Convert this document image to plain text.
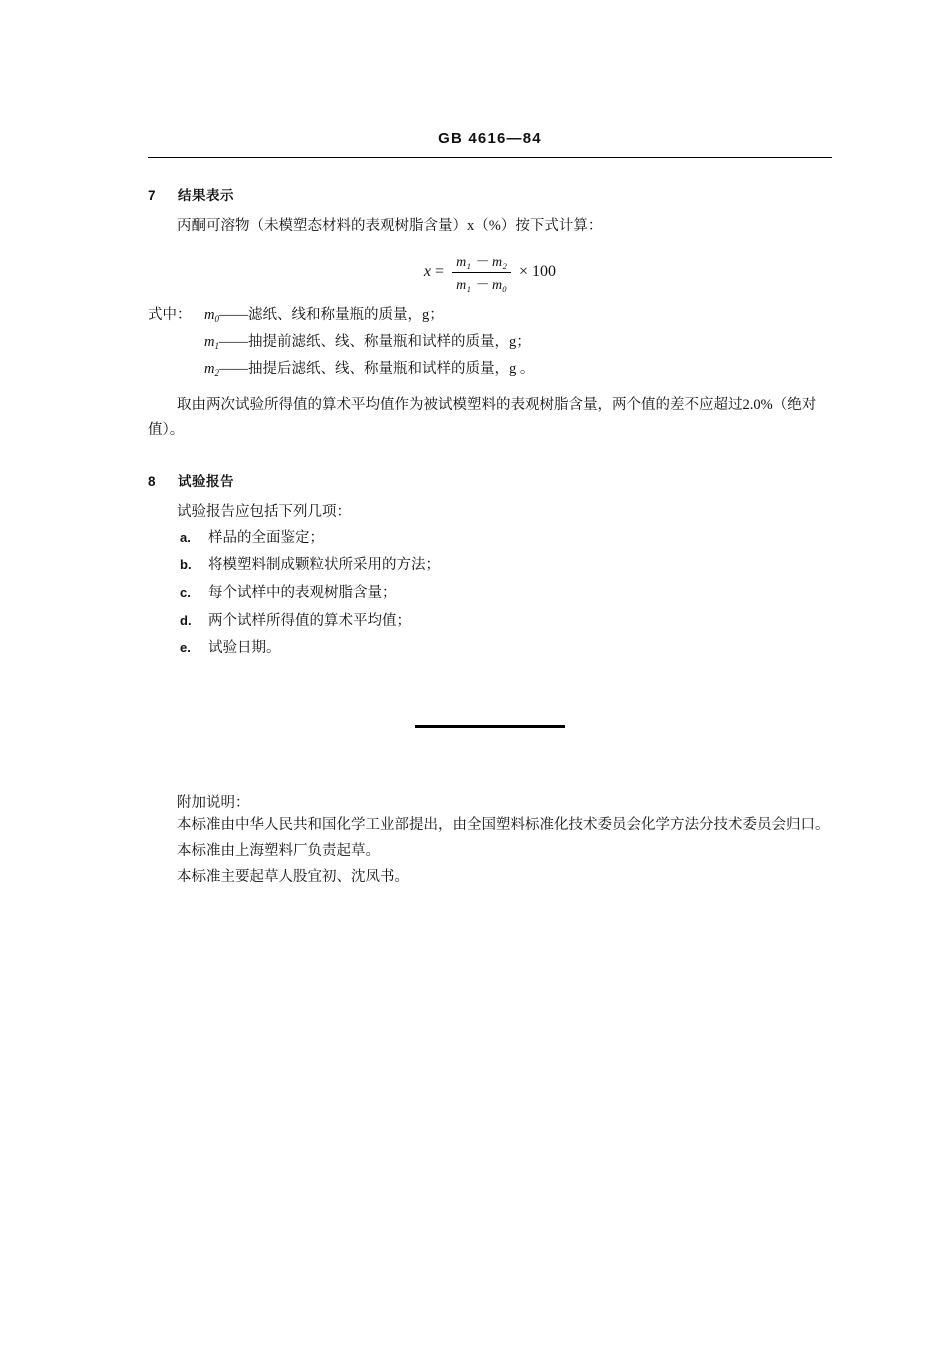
GB 4616—84
7 结果表示
丙酮可溶物（未模塑态材料的表观树脂含量）x（%）按下式计算：
$x = \frac{\text{m₁ － m₂}}{\text{m₁ － m₀}} \times 100$
式中： $m_0——$滤纸、线和称量瓶的质量，g；
$m_1——$抽提前滤纸、线、称量瓶和试样的质量，g；
$m_2——$抽提后滤纸、线、称量瓶和试样的质量，g 。
取由两次试验所得值的算术平均值作为被试模塑料的表观树脂含量，两个值的差不应超过2.0%（绝对值）。
8 试验报告
试验报告应包括下列几项：
a. 样品的全面鉴定；
b. 将模塑料制成颗粒状所采用的方法；
c. 每个试样中的表观树脂含量；
d. 两个试样所得值的算术平均值；
e. 试验日期。
附加说明：

本标准由中华人民共和国化学工业部提出，由全国塑料标准化技术委员会化学方法分技术委员会归口。

本标准由上海塑料厂负责起草。

本标准主要起草人股宜初、沈凤书。
